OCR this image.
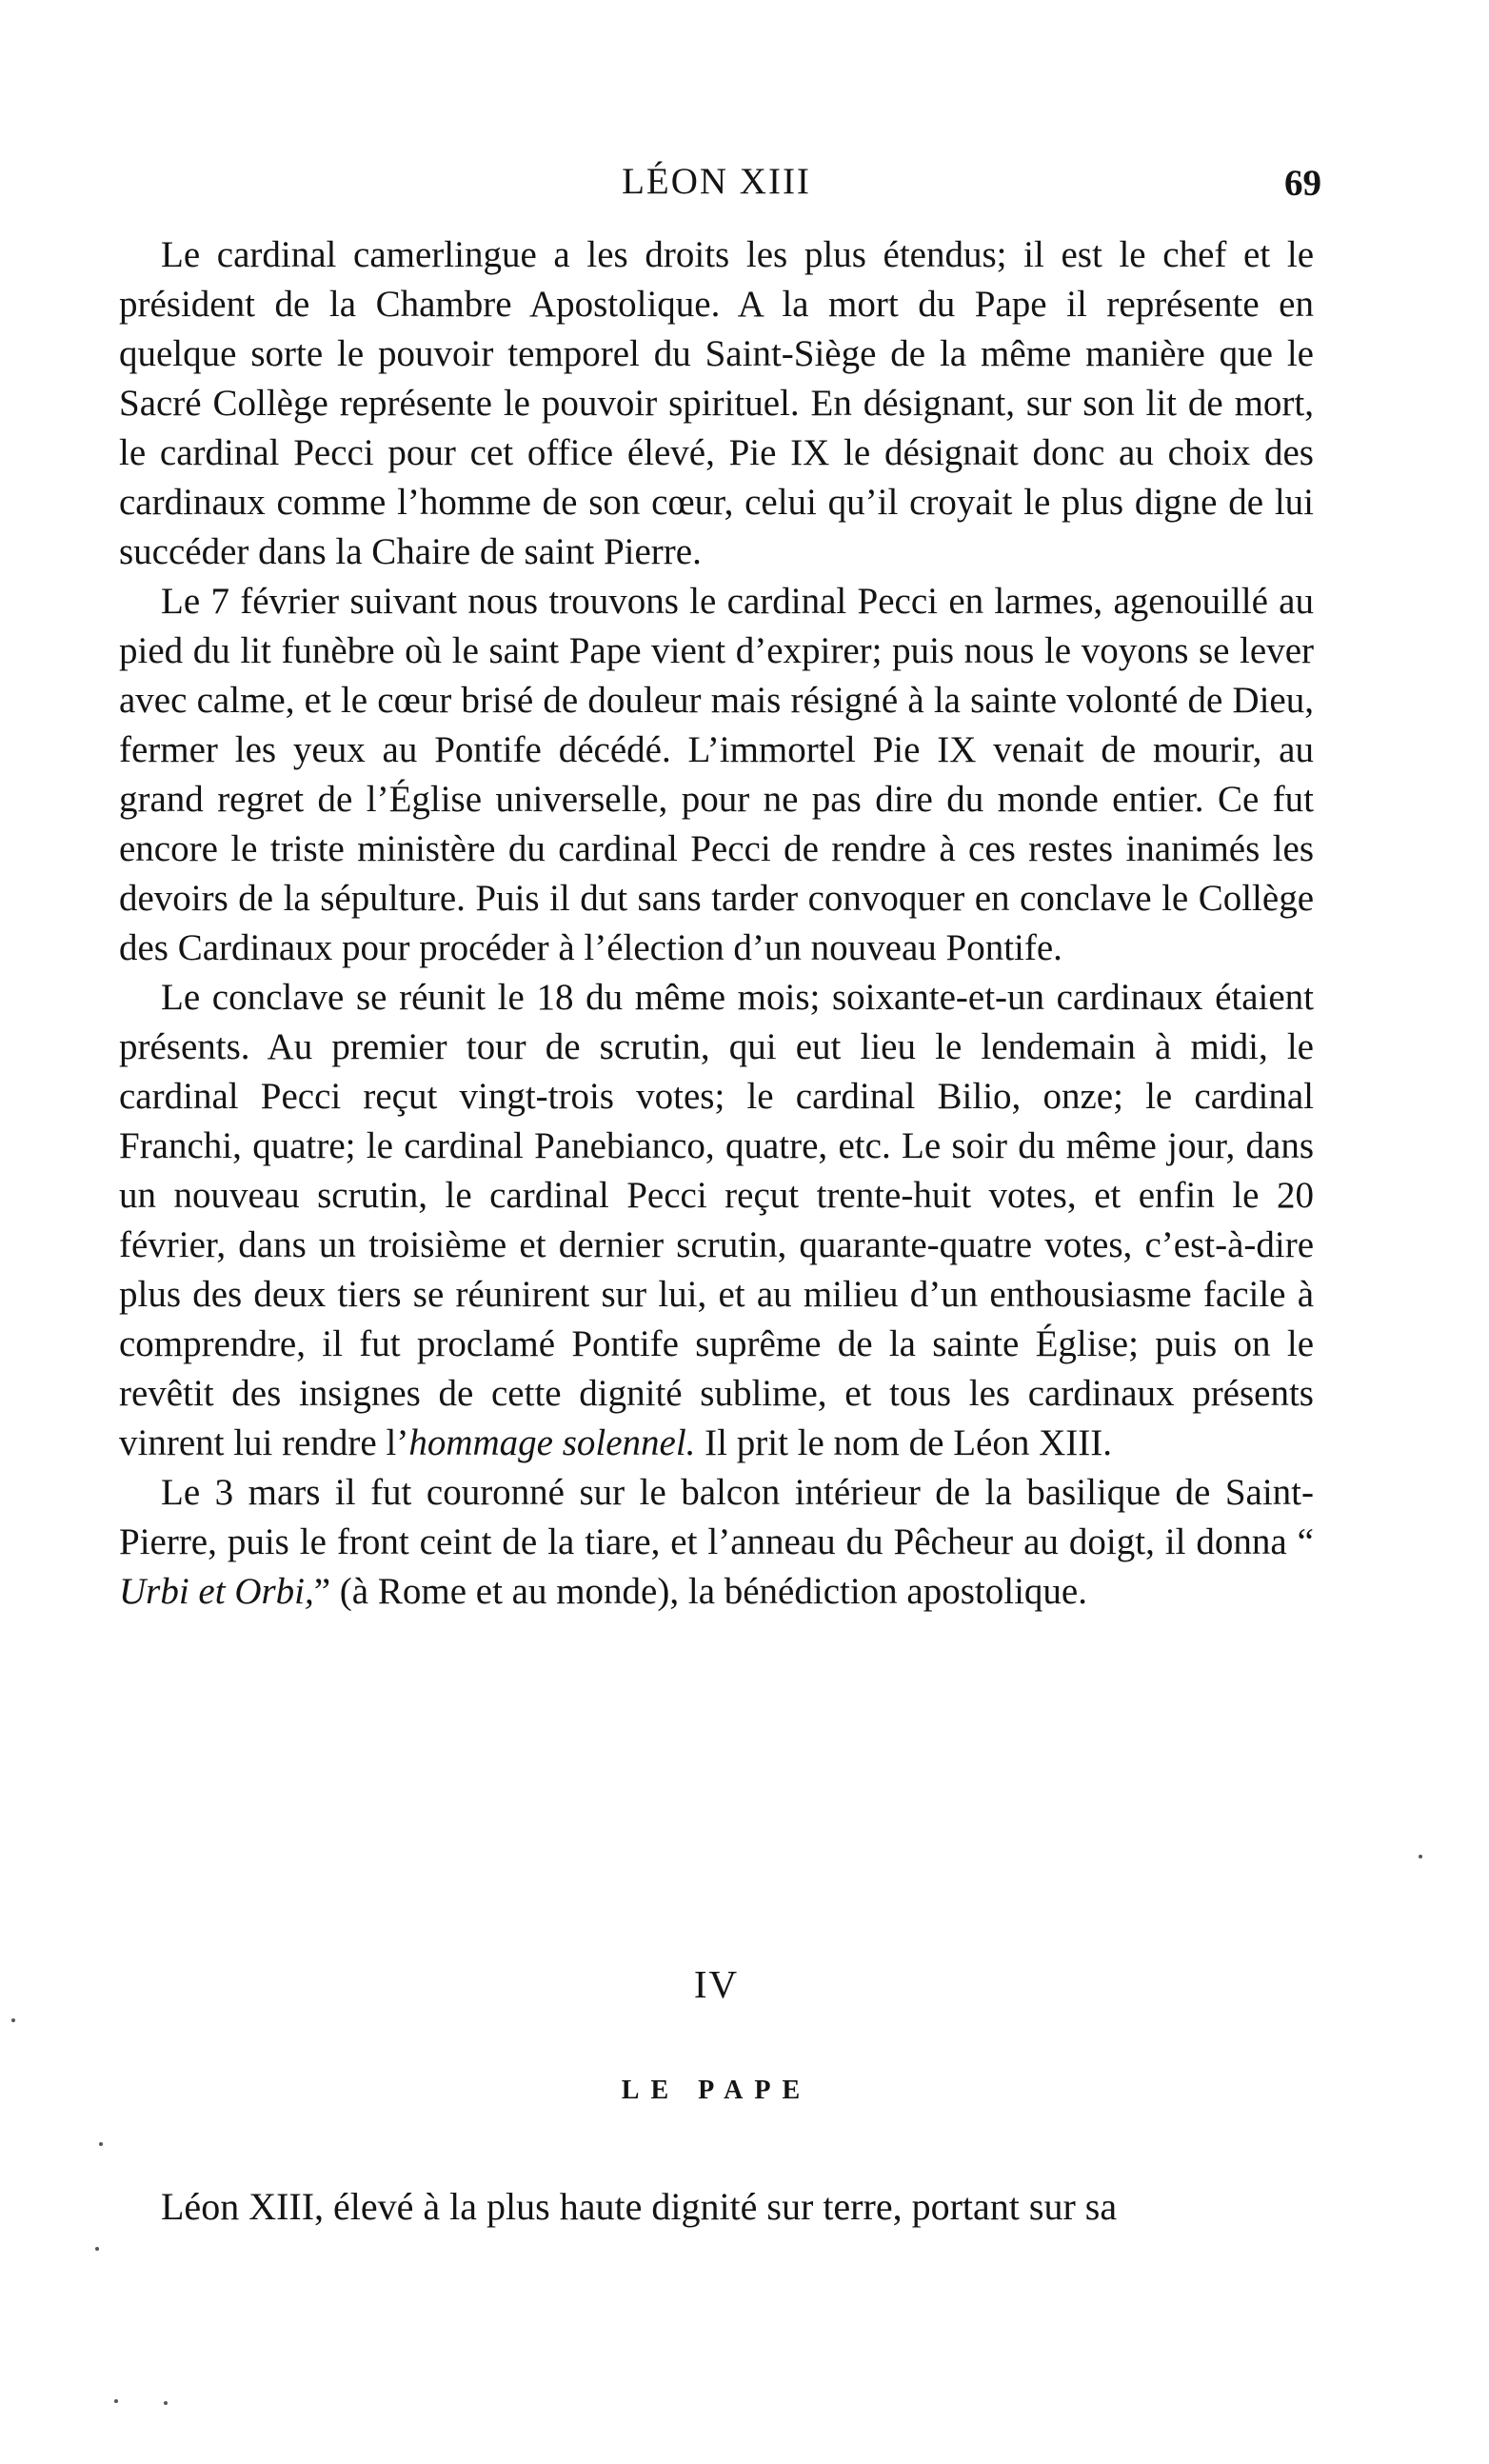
LÉON XIII	69

Le cardinal camerlingue a les droits les plus étendus; il est le chef et le président de la Chambre Apostolique. A la mort du Pape il représente en quelque sorte le pouvoir temporel du Saint-Siège de la même manière que le Sacré Collège représente le pouvoir spirituel. En désignant, sur son lit de mort, le cardinal Pecci pour cet office élevé, Pie IX le désignait donc au choix des cardinaux comme l’homme de son cœur, celui qu’il croyait le plus digne de lui succéder dans la Chaire de saint Pierre.

Le 7 février suivant nous trouvons le cardinal Pecci en larmes, agenouillé au pied du lit funèbre où le saint Pape vient d’expirer; puis nous le voyons se lever avec calme, et le cœur brisé de douleur mais résigné à la sainte volonté de Dieu, fermer les yeux au Pontife décédé. L’immortel Pie IX venait de mourir, au grand regret de l’Église universelle, pour ne pas dire du monde entier. Ce fut encore le triste ministère du cardinal Pecci de rendre à ces restes inanimés les devoirs de la sépulture. Puis il dut sans tarder convoquer en conclave le Collège des Cardinaux pour procéder à l’élection d’un nouveau Pontife.

Le conclave se réunit le 18 du même mois; soixante-et-un cardinaux étaient présents. Au premier tour de scrutin, qui eut lieu le lendemain à midi, le cardinal Pecci reçut vingt-trois votes; le cardinal Bilio, onze; le cardinal Franchi, quatre; le cardinal Panebianco, quatre, etc. Le soir du même jour, dans un nouveau scrutin, le cardinal Pecci reçut trente-huit votes, et enfin le 20 février, dans un troisième et dernier scrutin, quarante-quatre votes, c’est-à-dire plus des deux tiers se réunirent sur lui, et au milieu d’un enthousiasme facile à comprendre, il fut proclamé Pontife suprême de la sainte Église; puis on le revêtit des insignes de cette dignité sublime, et tous les cardinaux présents vinrent lui rendre l’hommage solennel. Il prit le nom de Léon XIII.

Le 3 mars il fut couronné sur le balcon intérieur de la basilique de Saint-Pierre, puis le front ceint de la tiare, et l’anneau du Pêcheur au doigt, il donna “ Urbi et Orbi,” (à Rome et au monde), la bénédiction apostolique.

IV
LE PAPE
Léon XIII, élevé à la plus haute dignité sur terre, portant sur sa
